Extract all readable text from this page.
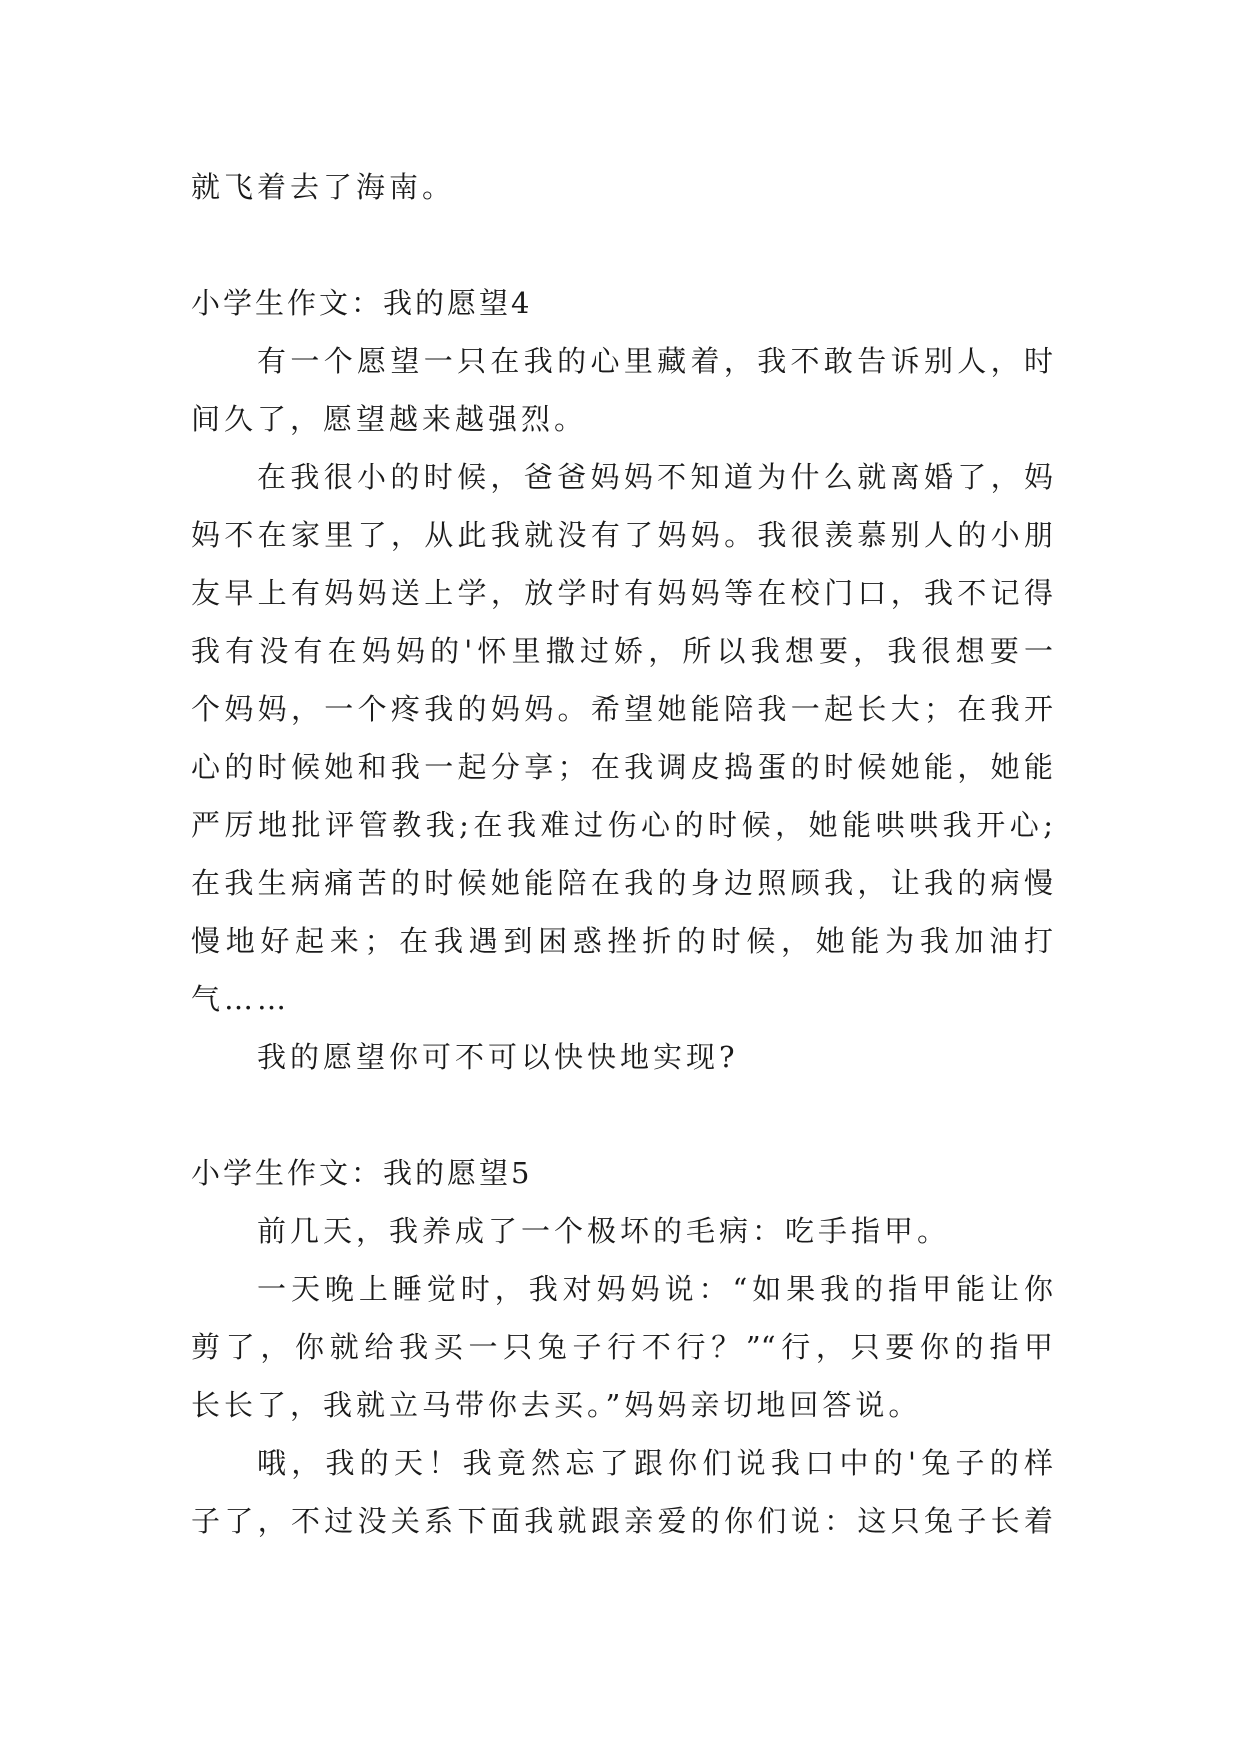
就飞着去了海南。
小学生作文：我的愿望4
有一个愿望一只在我的心里藏着，我不敢告诉别人，时
间久了，愿望越来越强烈。
在我很小的时候，爸爸妈妈不知道为什么就离婚了，妈
妈不在家里了，从此我就没有了妈妈。我很羡慕别人的小朋
友早上有妈妈送上学，放学时有妈妈等在校门口，我不记得
我有没有在妈妈的'怀里撒过娇，所以我想要，我很想要一
个妈妈，一个疼我的妈妈。希望她能陪我一起长大；在我开
心的时候她和我一起分享；在我调皮捣蛋的时候她能，她能
严厉地批评管教我;在我难过伤心的时候，她能哄哄我开心;
在我生病痛苦的时候她能陪在我的身边照顾我，让我的病慢
慢地好起来；在我遇到困惑挫折的时候，她能为我加油打
气……
我的愿望你可不可以快快地实现?
小学生作文：我的愿望5
前几天，我养成了一个极坏的毛病：吃手指甲。
一天晚上睡觉时，我对妈妈说：“如果我的指甲能让你
剪了，你就给我买一只兔子行不行？”“行，只要你的指甲
长长了，我就立马带你去买。”妈妈亲切地回答说。
哦，我的天！我竟然忘了跟你们说我口中的'兔子的样
子了，不过没关系下面我就跟亲爱的你们说：这只兔子长着
